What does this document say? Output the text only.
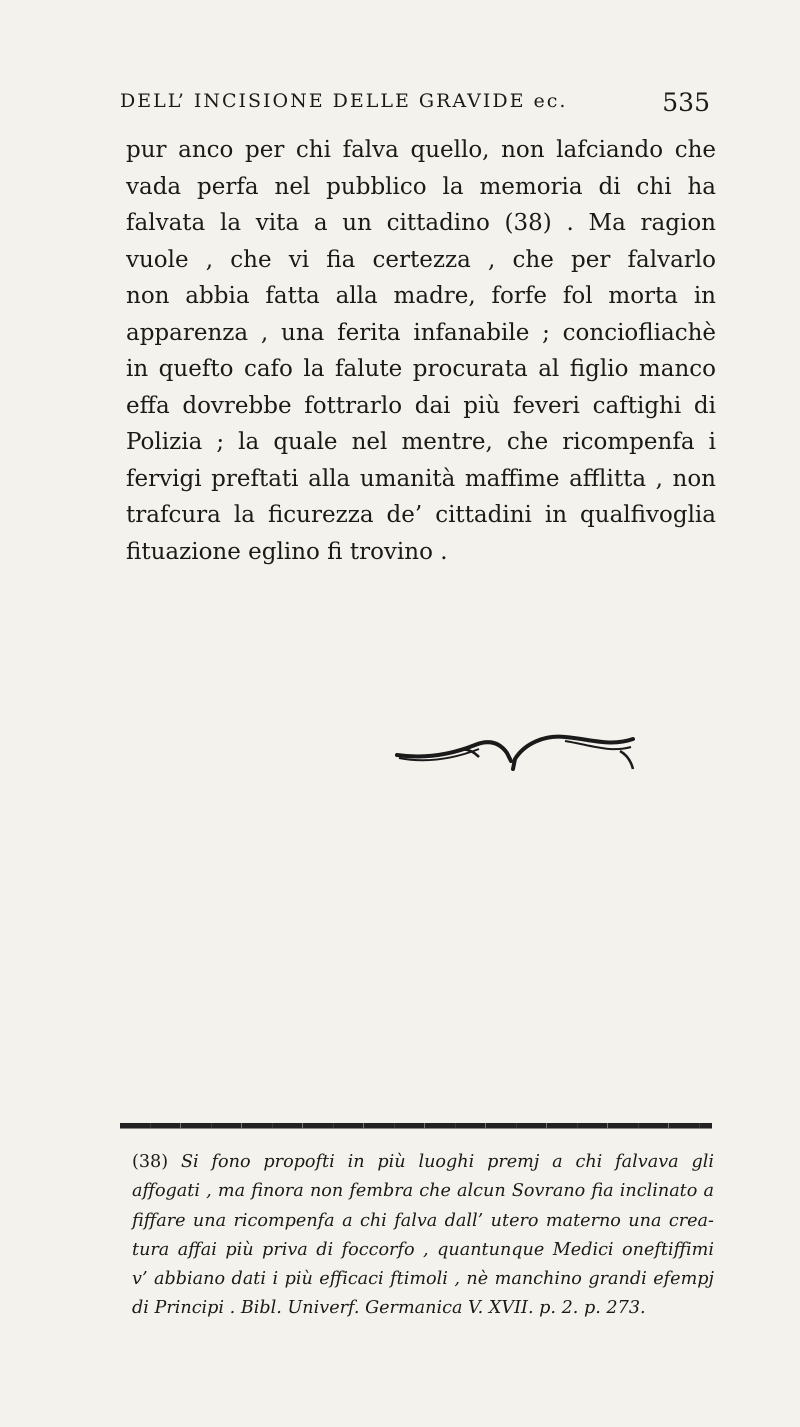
DELL’ INCISIONE DELLE GRAVIDE ec.	535
pur anco per chi falva quello, non lafciando che
vada perfa nel pubblico la memoria di chi ha
falvata la vita a un cittadino (38) . Ma ragion
vuole , che vi fia certezza , che per falvarlo
non abbia fatta alla madre, forfe fol morta in
apparenza , una ferita infanabile ; conciofliachè
in quefto cafo la falute procurata al figlio manco
effa dovrebbe fottrarlo dai più feveri caftighi di
Polizia ; la quale nel mentre, che ricompenfa i
fervigi preftati alla umanità maffime afflitta , non
trafcura la ficurezza de’ cittadini in qualfivoglia
fituazione eglino fi trovino .
(38) Si fono propofti in più luoghi premj a chi falvava gli
affogati , ma finora non fembra che alcun Sovrano fia inclinato a
fiffare una ricompenfa a chi falva dall’ utero materno una crea-
tura affai più priva di foccorfo , quantunque Medici oneftiffimi
v’ abbiano dati i più efficaci ftimoli , nè manchino grandi efempj
di Principi . Bibl. Univerf. Germanica V. XVII. p. 2. p. 273.
